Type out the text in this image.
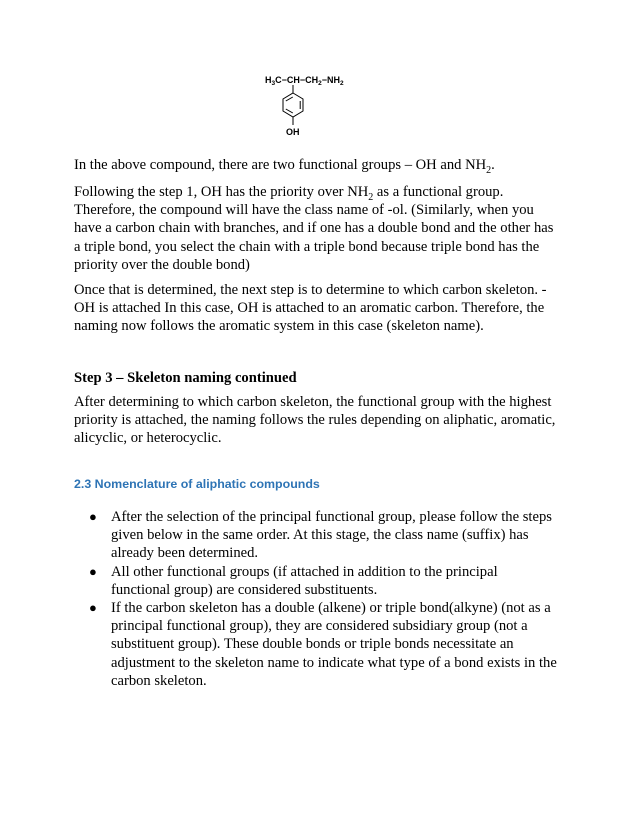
$H_3C-CH-CH_2-NH_2$
OH

In the above compound, there are two functional groups – OH and $NH_2$.

Following the step 1, OH has the priority over $NH_2$ as a functional group. Therefore, the compound will have the class name of -ol. (Similarly, when you have a carbon chain with branches, and if one has a double bond and the other has a triple bond, you select the chain with a triple bond because triple bond has the priority over the double bond)

Once that is determined, the next step is to determine to which carbon skeleton. -OH is attached In this case, OH is attached to an aromatic carbon. Therefore, the naming now follows the aromatic system in this case (skeleton name).

Step 3 – Skeleton naming continued

After determining to which carbon skeleton, the functional group with the highest priority is attached, the naming follows the rules depending on aliphatic, aromatic, alicyclic, or heterocyclic.

2.3 Nomenclature of aliphatic compounds
● After the selection of the principal functional group, please follow the steps given below in the same order. At this stage, the class name (suffix) has already been determined.
● All other functional groups (if attached in addition to the principal functional group) are considered substituents.
● If the carbon skeleton has a double (alkene) or triple bond(alkyne) (not as a principal functional group), they are considered subsidiary group (not a substituent group). These double bonds or triple bonds necessitate an adjustment to the skeleton name to indicate what type of a bond exists in the carbon skeleton.
